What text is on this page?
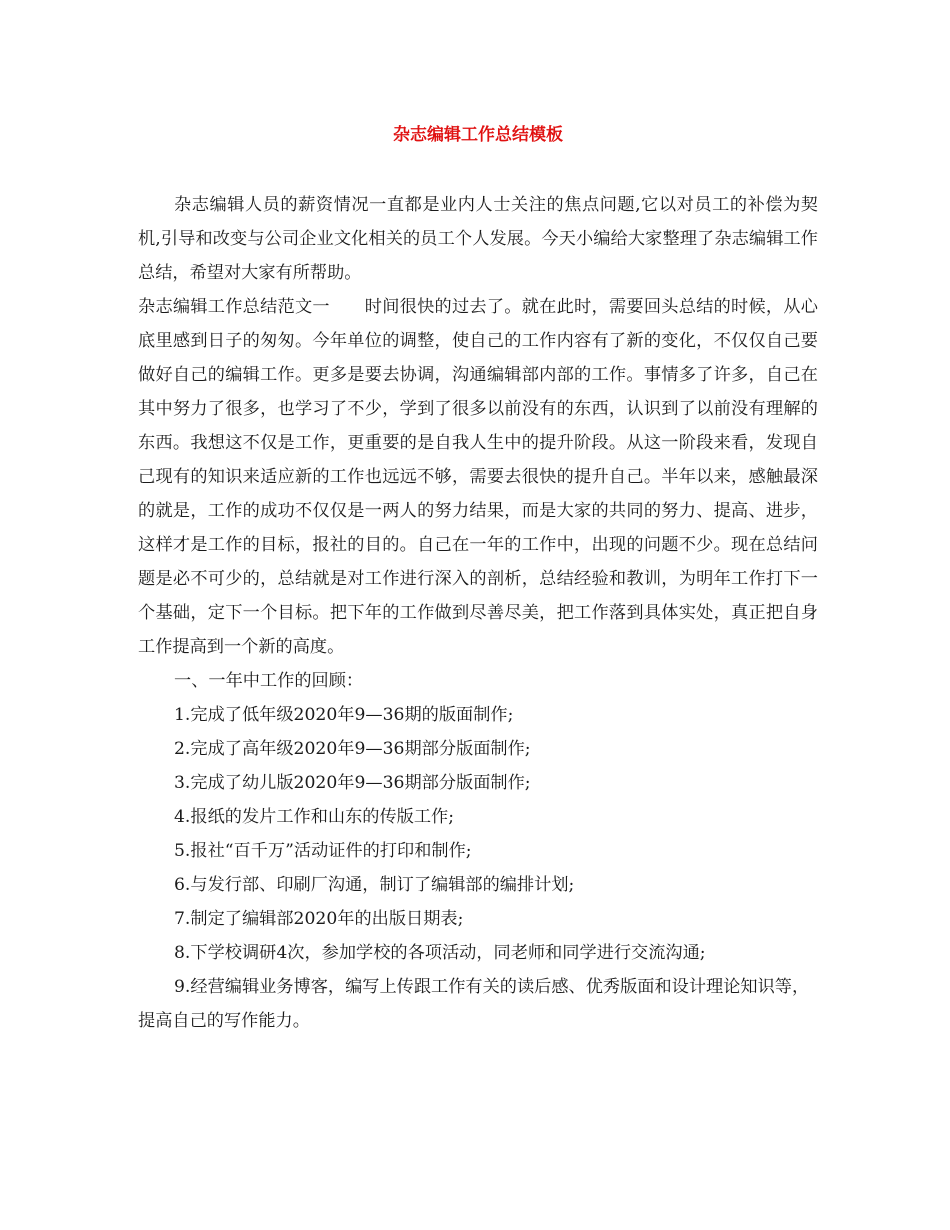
杂志编辑工作总结模板

杂志编辑人员的薪资情况一直都是业内人士关注的焦点问题,它以对员工的补偿为契机,引导和改变与公司企业文化相关的员工个人发展。今天小编给大家整理了杂志编辑工作总结，希望对大家有所帮助。

杂志编辑工作总结范文一　　时间很快的过去了。就在此时，需要回头总结的时候，从心底里感到日子的匆匆。今年单位的调整，使自己的工作内容有了新的变化，不仅仅自己要做好自己的编辑工作。更多是要去协调，沟通编辑部内部的工作。事情多了许多，自己在其中努力了很多，也学习了不少，学到了很多以前没有的东西，认识到了以前没有理解的东西。我想这不仅是工作，更重要的是自我人生中的提升阶段。从这一阶段来看，发现自己现有的知识来适应新的工作也远远不够，需要去很快的提升自己。半年以来，感触最深的就是，工作的成功不仅仅是一两人的努力结果，而是大家的共同的努力、提高、进步，这样才是工作的目标，报社的目的。自己在一年的工作中，出现的问题不少。现在总结问题是必不可少的，总结就是对工作进行深入的剖析，总结经验和教训，为明年工作打下一个基础，定下一个目标。把下年的工作做到尽善尽美，把工作落到具体实处，真正把自身工作提高到一个新的高度。

一、一年中工作的回顾：

1.完成了低年级2020年9—36期的版面制作;

2.完成了高年级2020年9—36期部分版面制作;

3.完成了幼儿版2020年9—36期部分版面制作;

4.报纸的发片工作和山东的传版工作;

5.报社“百千万”活动证件的打印和制作;

6.与发行部、印刷厂沟通，制订了编辑部的编排计划;

7.制定了编辑部2020年的出版日期表;

8.下学校调研4次，参加学校的各项活动，同老师和同学进行交流沟通;

9.经营编辑业务博客，编写上传跟工作有关的读后感、优秀版面和设计理论知识等，提高自己的写作能力。
